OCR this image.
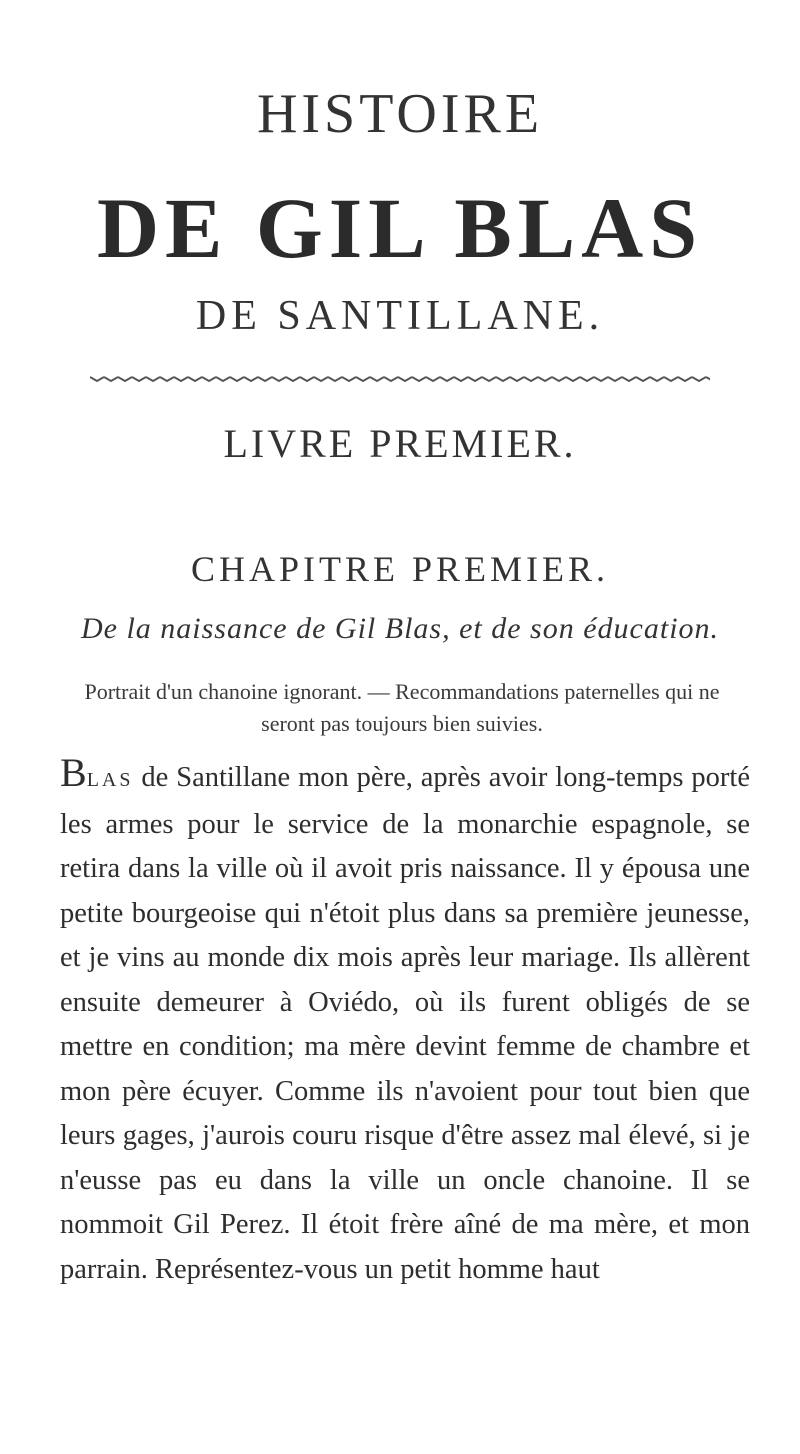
HISTOIRE
DE GIL BLAS
DE SANTILLANE.
LIVRE PREMIER.
CHAPITRE PREMIER.

De la naissance de Gil Blas, et de son éducation.

Portrait d'un chanoine ignorant. — Recommandations paternelles qui ne seront pas toujours bien suivies.

BLAS de Santillane mon père, après avoir long-temps porté les armes pour le service de la monarchie espagnole, se retira dans la ville où il avoit pris naissance. Il y épousa une petite bourgeoise qui n'étoit plus dans sa première jeunesse, et je vins au monde dix mois après leur mariage. Ils allèrent ensuite demeurer à Oviédo, où ils furent obligés de se mettre en condition; ma mère devint femme de chambre et mon père écuyer. Comme ils n'avoient pour tout bien que leurs gages, j'aurois couru risque d'être assez mal élevé, si je n'eusse pas eu dans la ville un oncle chanoine. Il se nommoit Gil Perez. Il étoit frère aîné de ma mère, et mon parrain. Représentez-vous un petit homme haut
